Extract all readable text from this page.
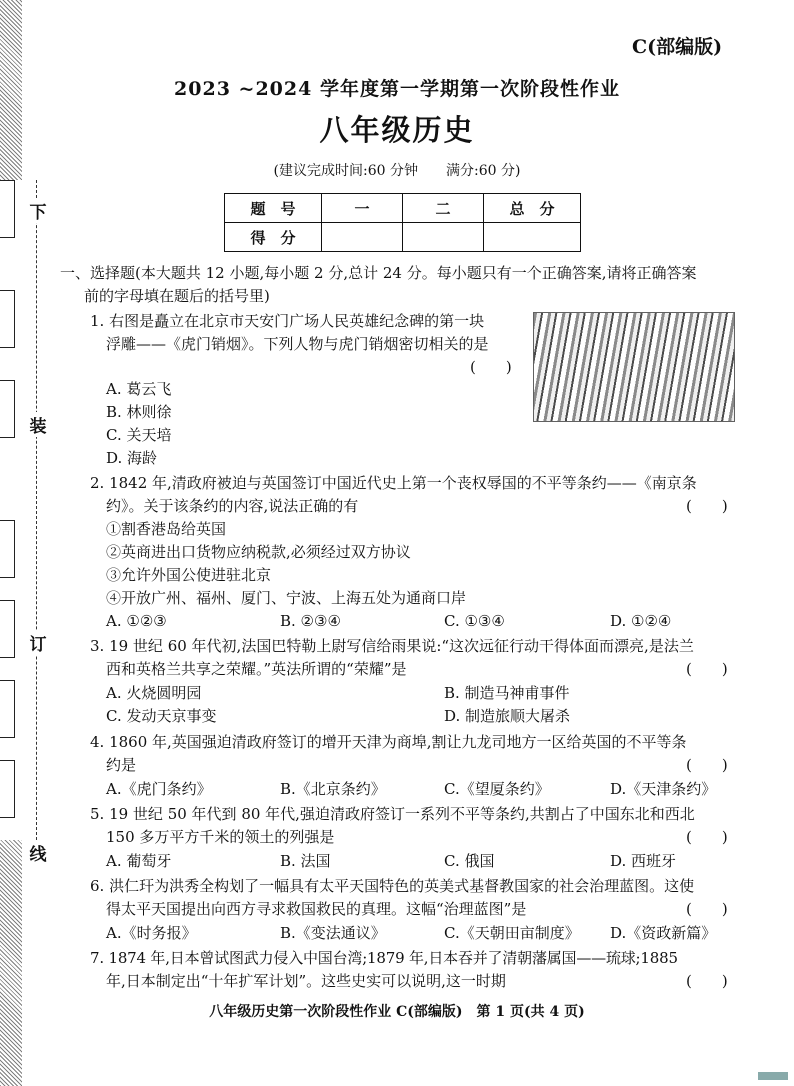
下
装
订
线
C(部编版)
2023 ~2024 学年度第一学期第一次阶段性作业
八年级历史
(建议完成时间:60 分钟　　满分:60 分)
题　号	一	二	总　分
得　分			
一、选择题(本大题共 12 小题,每小题 2 分,总计 24 分。每小题只有一个正确答案,请将正确答案
前的字母填在题后的括号里)
1. 右图是矗立在北京市天安门广场人民英雄纪念碑的第一块
浮雕——《虎门销烟》。下列人物与虎门销烟密切相关的是
(　　)
A. 葛云飞
B. 林则徐
C. 关天培
D. 海龄
2. 1842 年,清政府被迫与英国签订中国近代史上第一个丧权辱国的不平等条约——《南京条
约》。关于该条约的内容,说法正确的有	(　　)
①割香港岛给英国
②英商进出口货物应纳税款,必须经过双方协议
③允许外国公使进驻北京
④开放广州、福州、厦门、宁波、上海五处为通商口岸
A. ①②③	B. ②③④	C. ①③④	D. ①②④
3. 19 世纪 60 年代初,法国巴特勒上尉写信给雨果说:“这次远征行动干得体面而漂亮,是法兰
西和英格兰共享之荣耀。”英法所谓的“荣耀”是	(　　)
A. 火烧圆明园	B. 制造马神甫事件
C. 发动天京事变	D. 制造旅顺大屠杀
4. 1860 年,英国强迫清政府签订的增开天津为商埠,割让九龙司地方一区给英国的不平等条
约是	(　　)
A.《虎门条约》	B.《北京条约》	C.《望厦条约》	D.《天津条约》
5. 19 世纪 50 年代到 80 年代,强迫清政府签订一系列不平等条约,共割占了中国东北和西北
150 多万平方千米的领土的列强是	(　　)
A. 葡萄牙	B. 法国	C. 俄国	D. 西班牙
6. 洪仁玕为洪秀全构划了一幅具有太平天国特色的英美式基督教国家的社会治理蓝图。这使
得太平天国提出向西方寻求救国救民的真理。这幅“治理蓝图”是	(　　)
A.《时务报》	B.《变法通议》	C.《天朝田亩制度》 D.《资政新篇》
7. 1874 年,日本曾试图武力侵入中国台湾;1879 年,日本吞并了清朝藩属国——琉球;1885
年,日本制定出“十年扩军计划”。这些史实可以说明,这一时期	(　　)
八年级历史第一次阶段性作业 C(部编版)　第 1 页(共 4 页)
